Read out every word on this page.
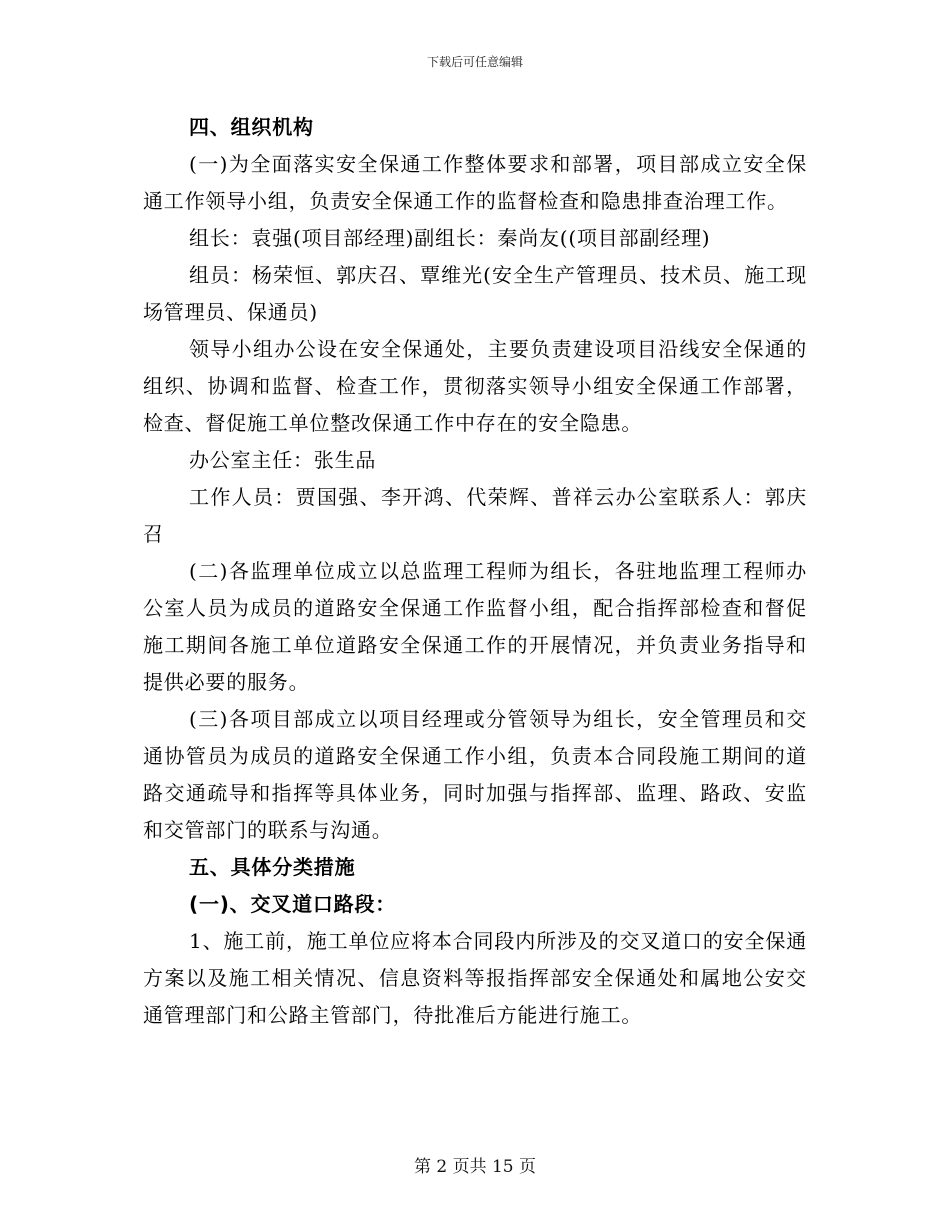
下载后可任意编辑

四、组织机构

(一)为全面落实安全保通工作整体要求和部署，项目部成立安全保通工作领导小组，负责安全保通工作的监督检查和隐患排查治理工作。

组长：袁强(项目部经理)副组长：秦尚友((项目部副经理)

组员：杨荣恒、郭庆召、覃维光(安全生产管理员、技术员、施工现场管理员、保通员)

领导小组办公设在安全保通处，主要负责建设项目沿线安全保通的组织、协调和监督、检查工作，贯彻落实领导小组安全保通工作部署，检查、督促施工单位整改保通工作中存在的安全隐患。

办公室主任：张生品

工作人员：贾国强、李开鸿、代荣辉、普祥云办公室联系人：郭庆召

(二)各监理单位成立以总监理工程师为组长，各驻地监理工程师办公室人员为成员的道路安全保通工作监督小组，配合指挥部检查和督促施工期间各施工单位道路安全保通工作的开展情况，并负责业务指导和提供必要的服务。

(三)各项目部成立以项目经理或分管领导为组长，安全管理员和交通协管员为成员的道路安全保通工作小组，负责本合同段施工期间的道路交通疏导和指挥等具体业务，同时加强与指挥部、监理、路政、安监和交管部门的联系与沟通。

五、具体分类措施

(一)、交叉道口路段：

1、施工前，施工单位应将本合同段内所涉及的交叉道口的安全保通方案以及施工相关情况、信息资料等报指挥部安全保通处和属地公安交通管理部门和公路主管部门，待批准后方能进行施工。

第 2 页共 15 页
